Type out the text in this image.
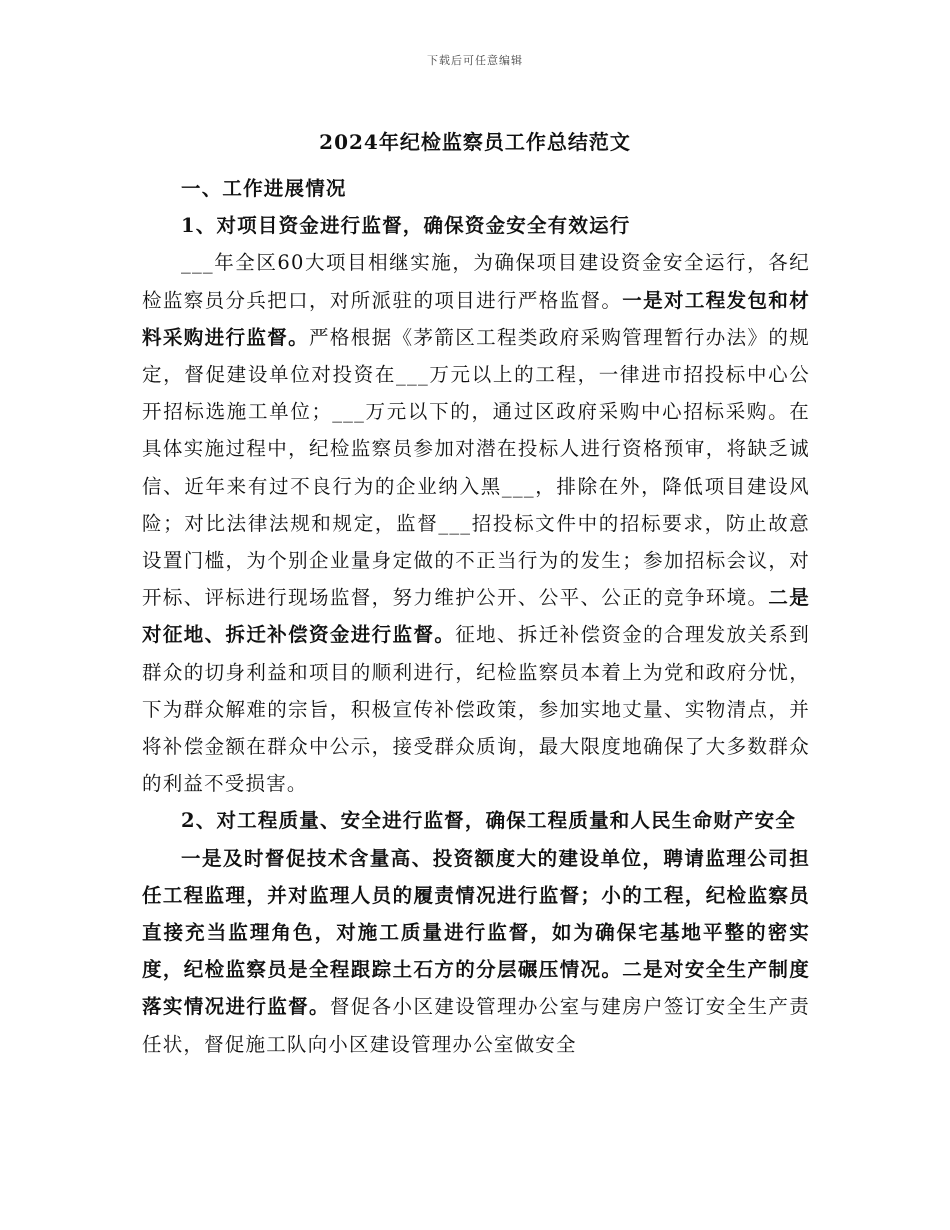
下载后可任意编辑
2024年纪检监察员工作总结范文

一、工作进展情况

1、对项目资金进行监督，确保资金安全有效运行

___年全区60大项目相继实施，为确保项目建设资金安全运行，各纪检监察员分兵把口，对所派驻的项目进行严格监督。一是对工程发包和材料采购进行监督。严格根据《茅箭区工程类政府采购管理暂行办法》的规定，督促建设单位对投资在___万元以上的工程，一律进市招投标中心公开招标选施工单位；___万元以下的，通过区政府采购中心招标采购。在具体实施过程中，纪检监察员参加对潜在投标人进行资格预审，将缺乏诚信、近年来有过不良行为的企业纳入黑___，排除在外，降低项目建设风险；对比法律法规和规定，监督___招投标文件中的招标要求，防止故意设置门槛，为个别企业量身定做的不正当行为的发生；参加招标会议，对开标、评标进行现场监督，努力维护公开、公平、公正的竞争环境。二是对征地、拆迁补偿资金进行监督。征地、拆迁补偿资金的合理发放关系到群众的切身利益和项目的顺利进行，纪检监察员本着上为党和政府分忧，下为群众解难的宗旨，积极宣传补偿政策，参加实地丈量、实物清点，并将补偿金额在群众中公示，接受群众质询，最大限度地确保了大多数群众的利益不受损害。

2、对工程质量、安全进行监督，确保工程质量和人民生命财产安全

一是及时督促技术含量高、投资额度大的建设单位，聘请监理公司担任工程监理，并对监理人员的履责情况进行监督；小的工程，纪检监察员直接充当监理角色，对施工质量进行监督，如为确保宅基地平整的密实度，纪检监察员是全程跟踪土石方的分层碾压情况。二是对安全生产制度落实情况进行监督。督促各小区建设管理办公室与建房户签订安全生产责任状，督促施工队向小区建设管理办公室做安全
